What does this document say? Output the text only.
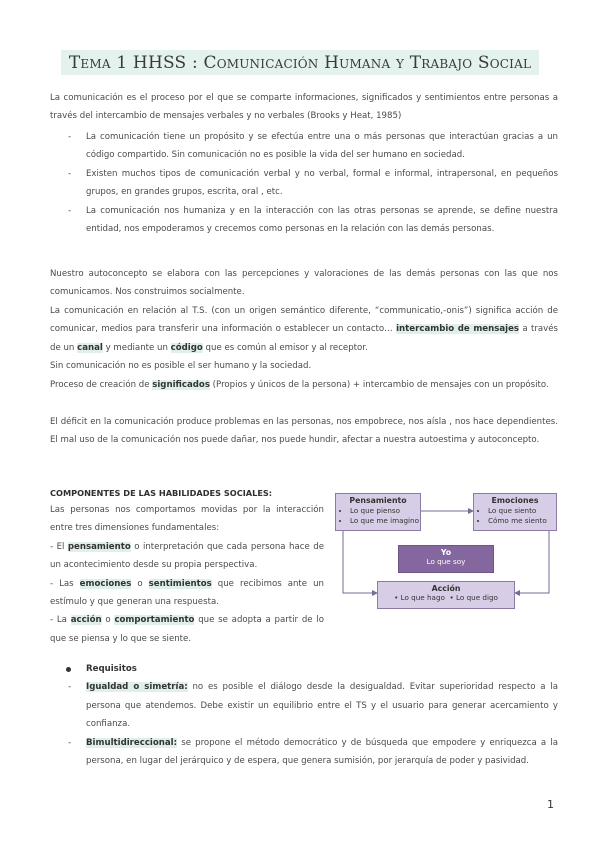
Tema 1 HHSS : Comunicación Humana y Trabajo Social

La comunicación es el proceso por el que se comparte informaciones, significados y sentimientos entre personas a través del intercambio de mensajes verbales y no verbales (Brooks y Heat, 1985)

- La comunicación tiene un propósito y se efectúa entre una o más personas que interactúan gracias a un código compartido. Sin comunicación no es posible la vida del ser humano en sociedad.

- Existen muchos tipos de comunicación verbal y no verbal, formal e informal, intrapersonal, en pequeños grupos, en grandes grupos, escrita, oral , etc.

- La comunicación nos humaniza y en la interacción con las otras personas se aprende, se define nuestra entidad, nos empoderamos y crecemos como personas en la relación con las demás personas.

Nuestro autoconcepto se elabora con las percepciones y valoraciones de las demás personas con las que nos comunicamos. Nos construimos socialmente.

La comunicación en relación al T.S. (con un origen semántico diferente, “communicatio,-onis”) significa acción de comunicar, medios para transferir una información o establecer un contacto… intercambio de mensajes a través de un canal y mediante un código que es común al emisor y al receptor.

Sin comunicación no es posible el ser humano y la sociedad.

Proceso de creación de significados (Propios y únicos de la persona) + intercambio de mensajes con un propósito.

El déficit en la comunicación produce problemas en las personas, nos empobrece, nos aísla , nos hace dependientes. El mal uso de la comunicación nos puede dañar, nos puede hundir, afectar a nuestra autoestima y autoconcepto.

COMPONENTES DE LAS HABILIDADES SOCIALES:
Las personas nos comportamos movidas por la interacción entre tres dimensiones fundamentales:
- El pensamiento o interpretación que cada persona hace de un acontecimiento desde su propia perspectiva.
- Las emociones o sentimientos que recibimos ante un estímulo y que generan una respuesta.
- La acción o comportamiento que se adopta a partir de lo que se piensa y lo que se siente.
Pensamiento
• Lo que pienso
• Lo que me imagino
Emociones
• Lo que siento
• Cómo me siento
Yo
Lo que soy
Acción
• Lo que hago  • Lo que digo
Requisitos

- Igualdad o simetría: no es posible el diálogo desde la desigualdad. Evitar superioridad respecto a la persona que atendemos. Debe existir un equilibrio entre el TS y el usuario para generar acercamiento y confianza.

- Bimultidireccional: se propone el método democrático y de búsqueda que empodere y enriquezca a la persona, en lugar del jerárquico y de espera, que genera sumisión, por jerarquía de poder y pasividad.

1
